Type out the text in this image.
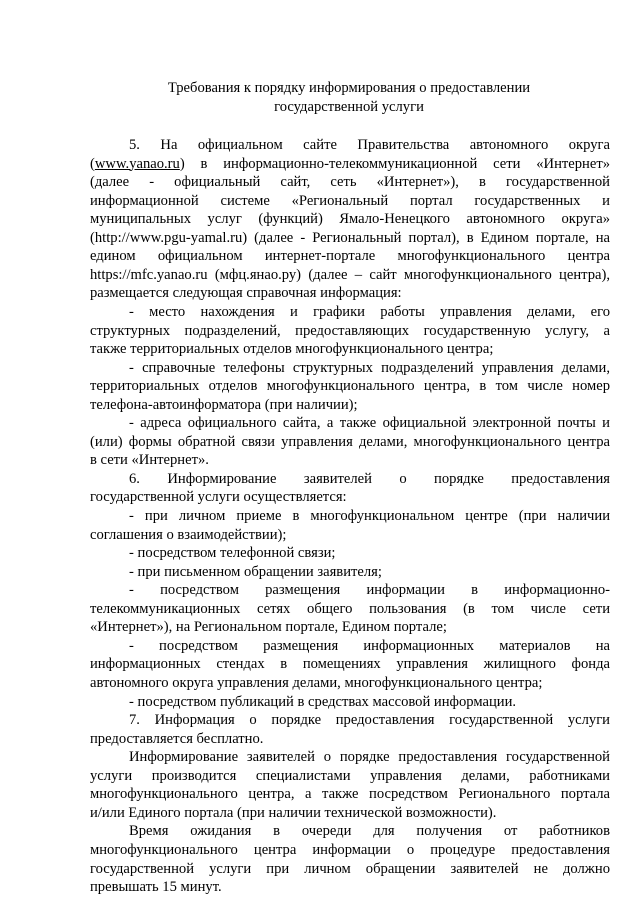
Требования к порядку информирования о предоставлении
государственной услуги
5. На официальном сайте Правительства автономного округа
(www.yanao.ru) в информационно-телекоммуникационной сети «Интернет»
(далее - официальный сайт, сеть «Интернет»), в государственной
информационной системе «Региональный портал государственных и
муниципальных услуг (функций) Ямало-Ненецкого автономного округа»
(http://www.pgu-yamal.ru) (далее - Региональный портал), в Едином портале, на
едином официальном интернет-портале многофункционального центра
https://mfc.yanao.ru (мфц.янао.ру) (далее – сайт многофункционального центра),
размещается следующая справочная информация:
- место нахождения и графики работы управления делами, его
структурных подразделений, предоставляющих государственную услугу, а
также территориальных отделов многофункционального центра;
- справочные телефоны структурных подразделений управления делами,
территориальных отделов многофункционального центра, в том числе номер
телефона-автоинформатора (при наличии);
- адреса официального сайта, а также официальной электронной почты и
(или) формы обратной связи управления делами, многофункционального центра
в сети «Интернет».
6. Информирование заявителей о порядке предоставления
государственной услуги осуществляется:
- при личном приеме в многофункциональном центре (при наличии
соглашения о взаимодействии);
- посредством телефонной связи;
- при письменном обращении заявителя;
- посредством размещения информации в информационно-
телекоммуникационных сетях общего пользования (в том числе сети
«Интернет»), на Региональном портале, Едином портале;
- посредством размещения информационных материалов на
информационных стендах в помещениях управления жилищного фонда
автономного округа управления делами, многофункционального центра;
- посредством публикаций в средствах массовой информации.
7. Информация о порядке предоставления государственной услуги
предоставляется бесплатно.
Информирование заявителей о порядке предоставления государственной
услуги производится специалистами управления делами, работниками
многофункционального центра, а также посредством Регионального портала
и/или Единого портала (при наличии технической возможности).
Время ожидания в очереди для получения от работников
многофункционального центра информации о процедуре предоставления
государственной услуги при личном обращении заявителей не должно
превышать 15 минут.
